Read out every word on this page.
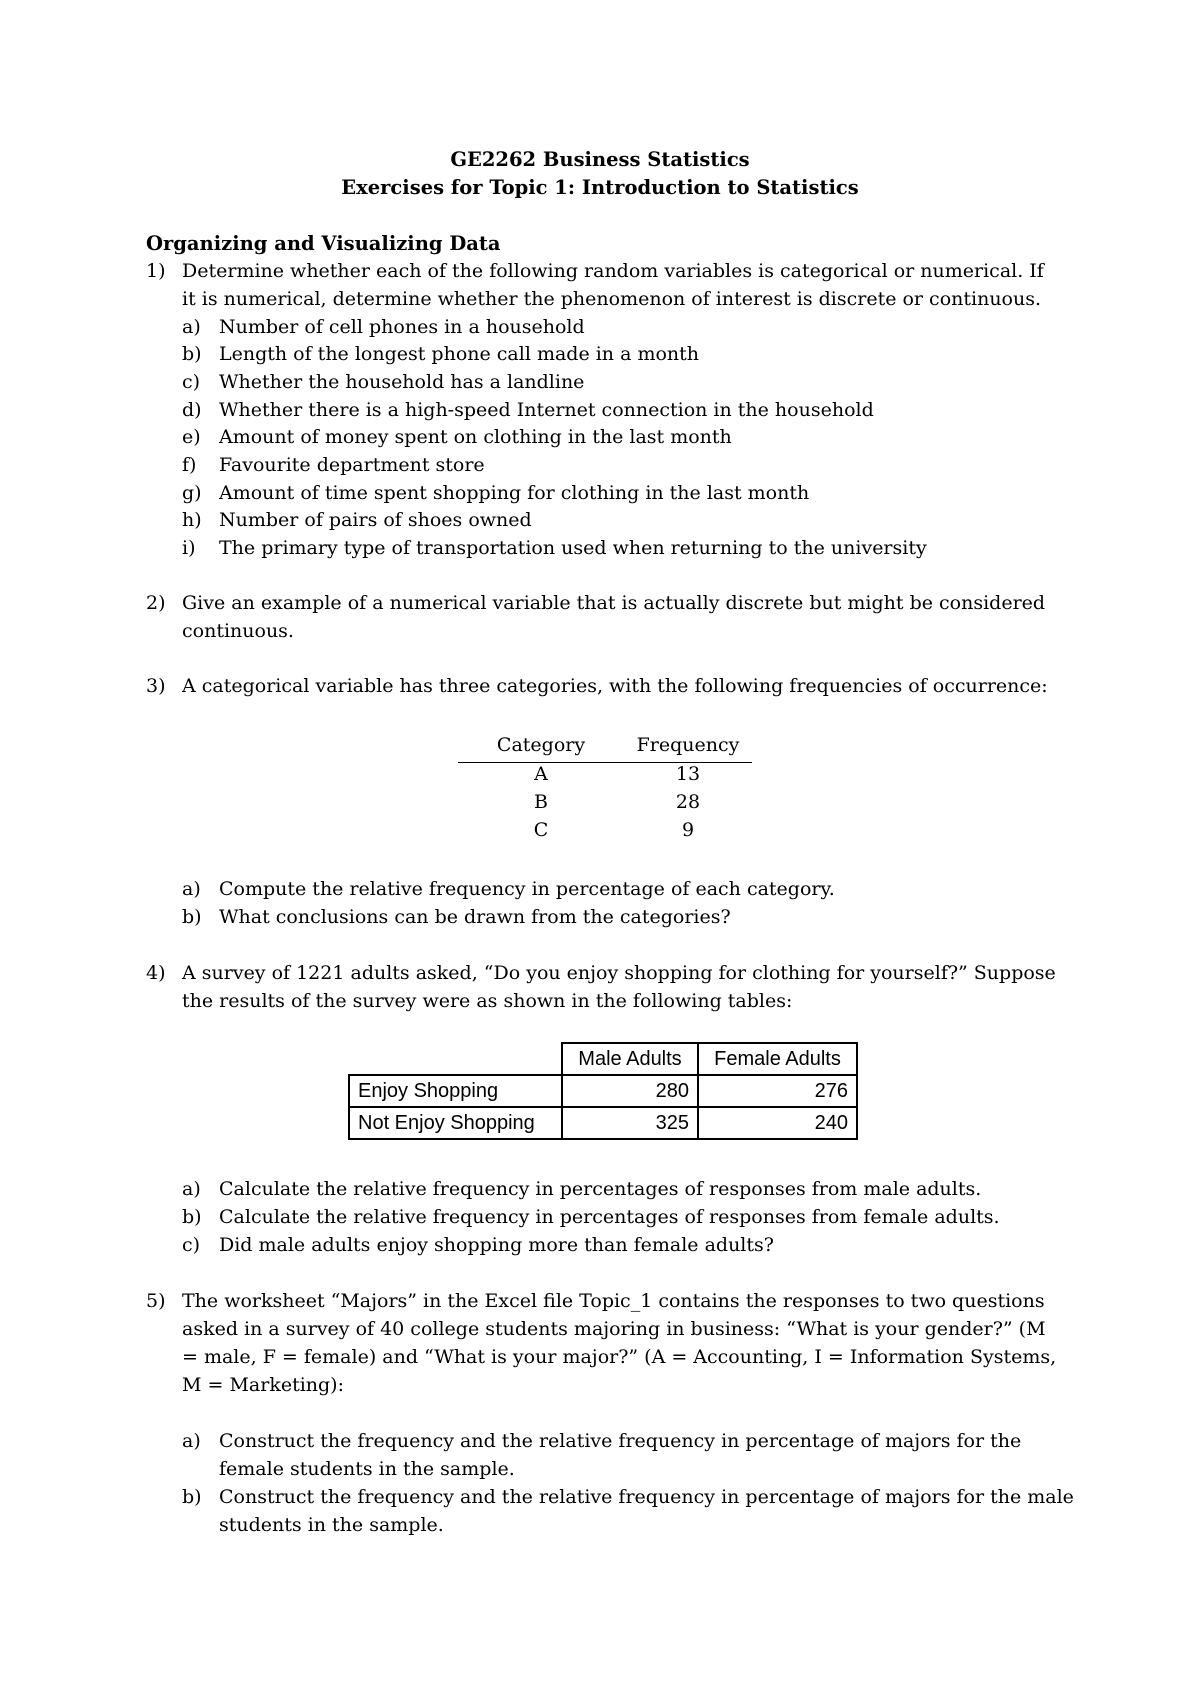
GE2262 Business Statistics
Exercises for Topic 1: Introduction to Statistics
Organizing and Visualizing Data
1) Determine whether each of the following random variables is categorical or numerical. If
it is numerical, determine whether the phenomenon of interest is discrete or continuous.
a) Number of cell phones in a household
b) Length of the longest phone call made in a month
c) Whether the household has a landline
d) Whether there is a high-speed Internet connection in the household
e) Amount of money spent on clothing in the last month
f) Favourite department store
g) Amount of time spent shopping for clothing in the last month
h) Number of pairs of shoes owned
i) The primary type of transportation used when returning to the university
2) Give an example of a numerical variable that is actually discrete but might be considered
continuous.
3) A categorical variable has three categories, with the following frequencies of occurrence:
Category	Frequency
A	13
B	28
C	9
a) Compute the relative frequency in percentage of each category.
b) What conclusions can be drawn from the categories?
4) A survey of 1221 adults asked, “Do you enjoy shopping for clothing for yourself?” Suppose
the results of the survey were as shown in the following tables:
	Male Adults	Female Adults
Enjoy Shopping	280	276
Not Enjoy Shopping	325	240
a) Calculate the relative frequency in percentages of responses from male adults.
b) Calculate the relative frequency in percentages of responses from female adults.
c) Did male adults enjoy shopping more than female adults?
5) The worksheet “Majors” in the Excel file Topic_1 contains the responses to two questions
asked in a survey of 40 college students majoring in business: “What is your gender?” (M
= male, F = female) and “What is your major?” (A = Accounting, I = Information Systems,
M = Marketing):
a) Construct the frequency and the relative frequency in percentage of majors for the
female students in the sample.
b) Construct the frequency and the relative frequency in percentage of majors for the male
students in the sample.
